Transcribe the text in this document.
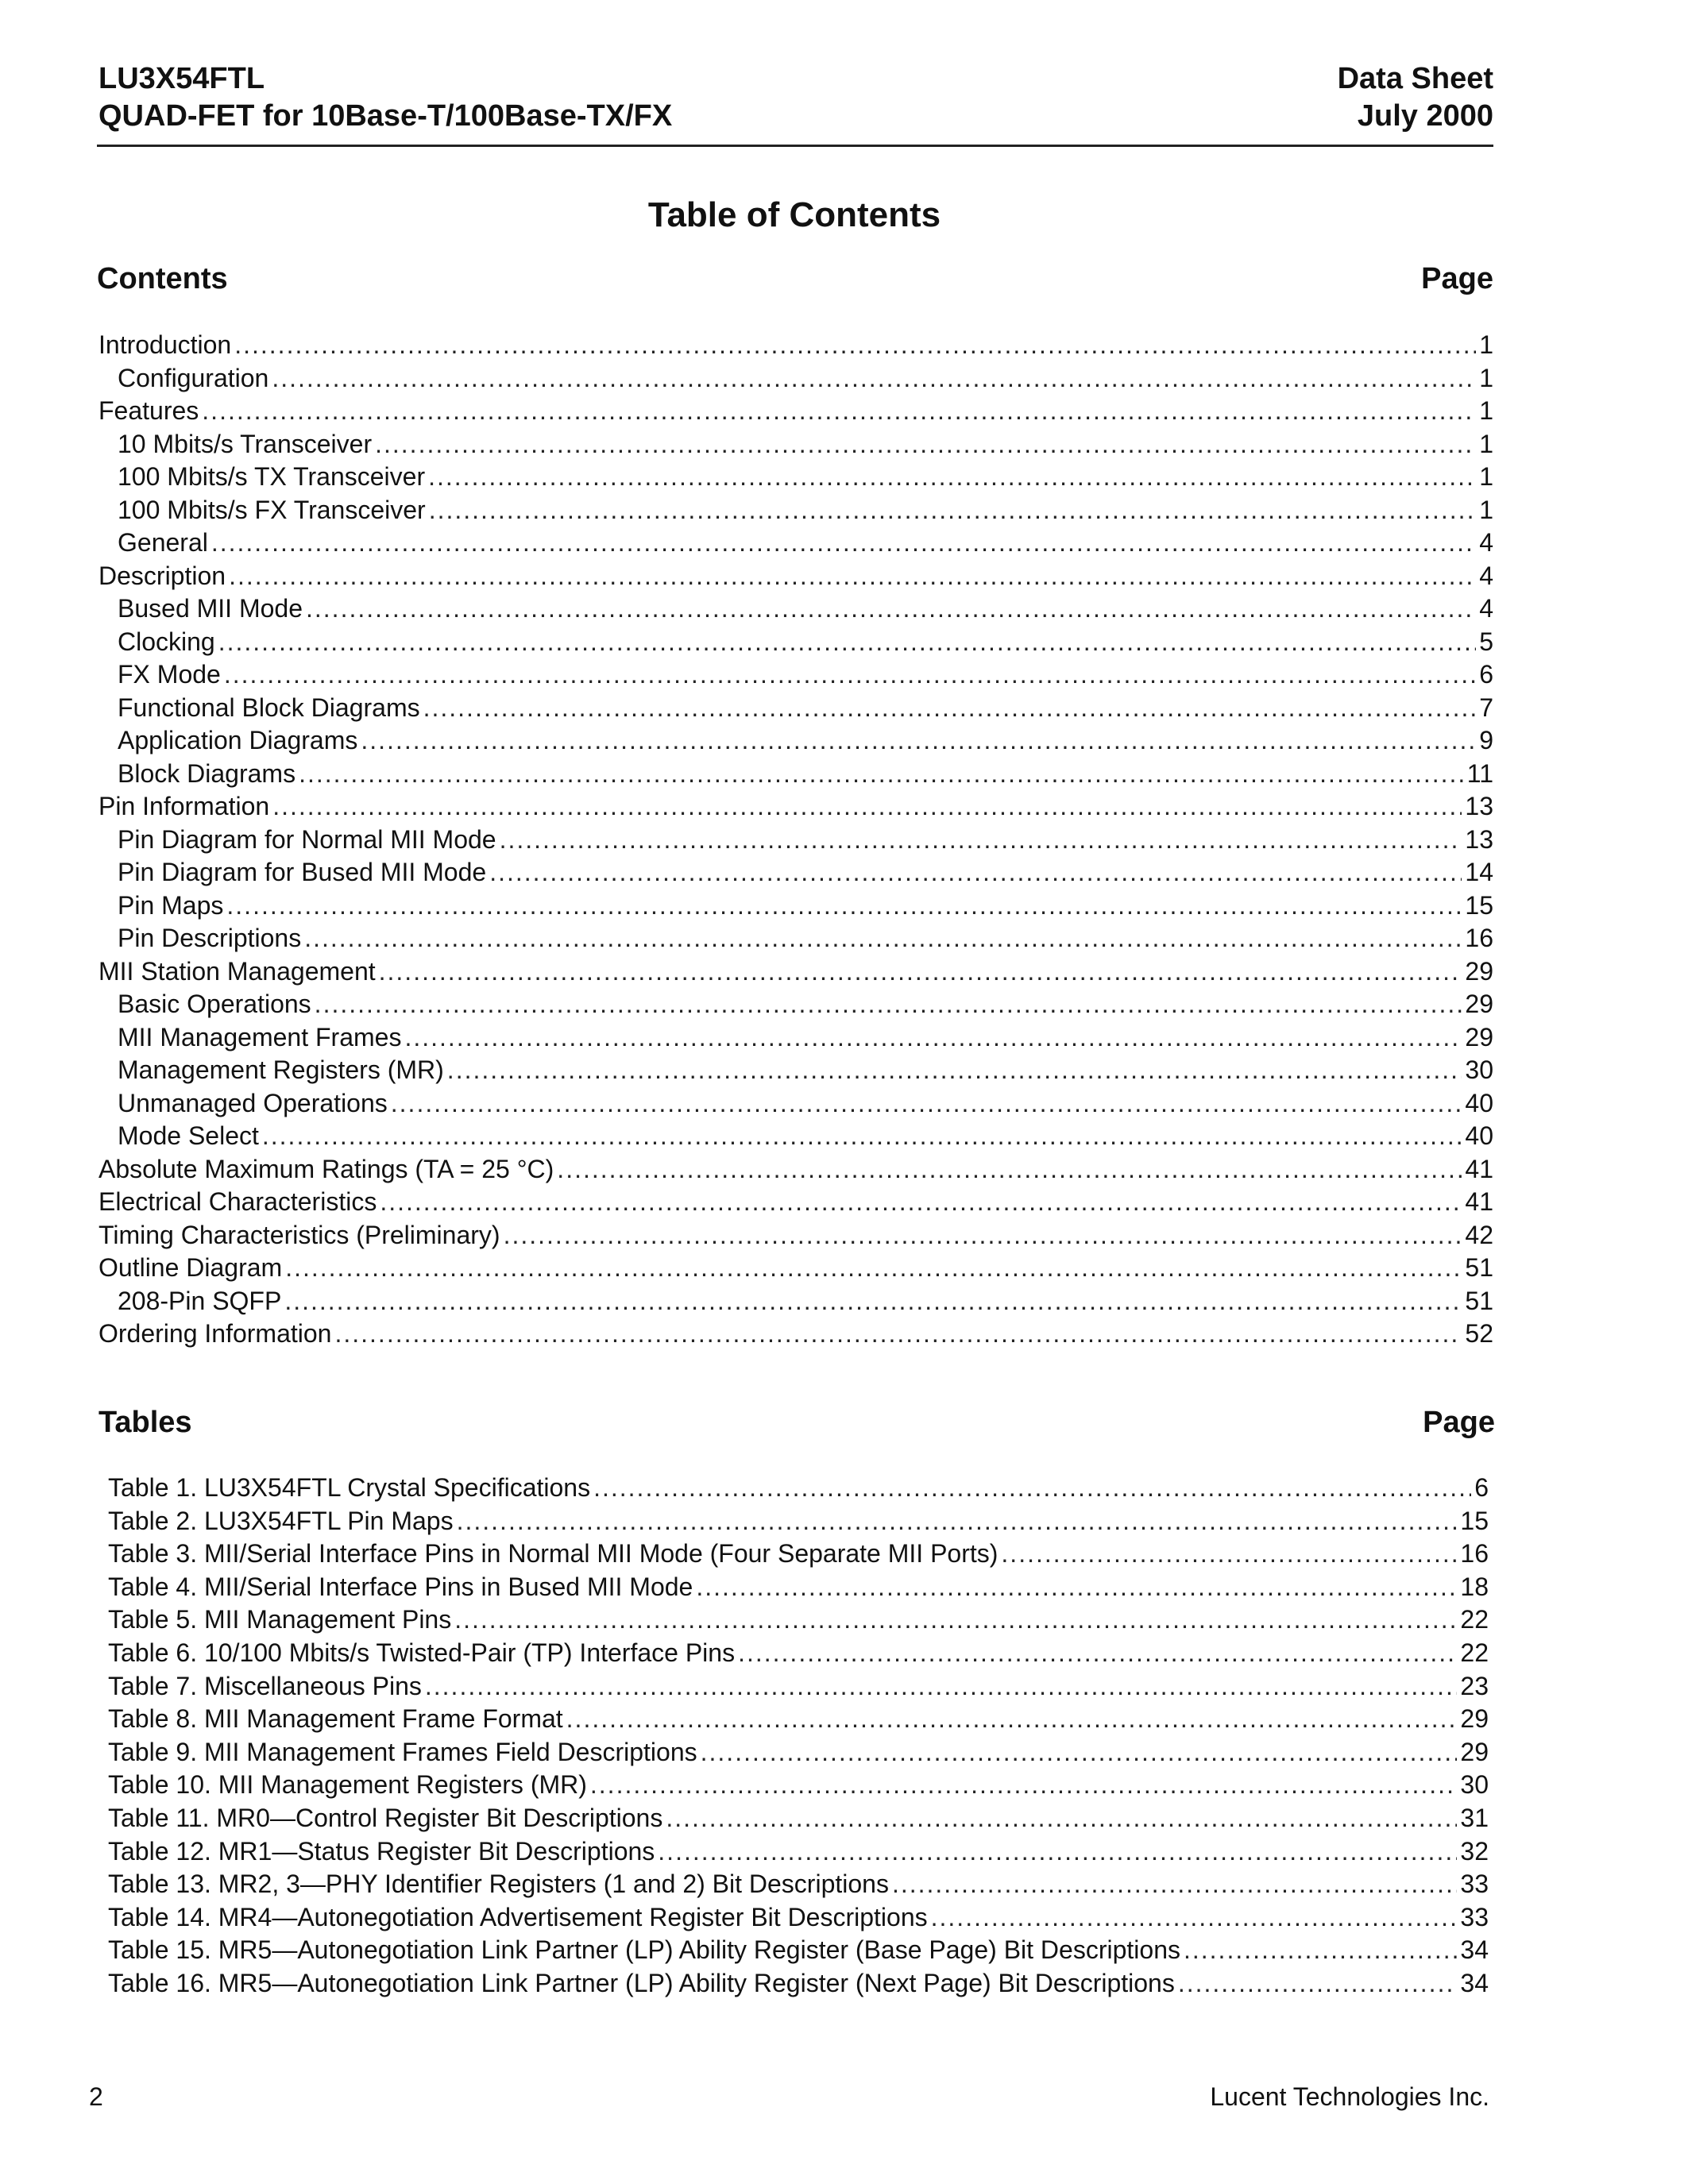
LU3X54FTL
QUAD-FET for 10Base-T/100Base-TX/FX
Data Sheet
July 2000
Table of Contents
Contents	Page
Introduction .....	1
Configuration .....	1
Features .....	1
10 Mbits/s Transceiver .....	1
100 Mbits/s TX Transceiver .....	1
100 Mbits/s FX Transceiver .....	1
General .....	4
Description .....	4
Bused MII Mode .....	4
Clocking .....	5
FX Mode .....	6
Functional Block Diagrams .....	7
Application Diagrams .....	9
Block Diagrams .....	11
Pin Information .....	13
Pin Diagram for Normal MII Mode .....	13
Pin Diagram for Bused MII Mode .....	14
Pin Maps .....	15
Pin Descriptions .....	16
MII Station Management .....	29
Basic Operations .....	29
MII Management Frames .....	29
Management Registers (MR) .....	30
Unmanaged Operations .....	40
Mode Select .....	40
Absolute Maximum Ratings (TA = 25 °C) .....	41
Electrical Characteristics .....	41
Timing Characteristics (Preliminary) .....	42
Outline Diagram .....	51
208-Pin SQFP .....	51
Ordering Information .....	52
Tables	Page
Table 1. LU3X54FTL Crystal Specifications .....	6
Table 2. LU3X54FTL Pin Maps .....	15
Table 3. MII/Serial Interface Pins in Normal MII Mode (Four Separate MII Ports) .....	16
Table 4. MII/Serial Interface Pins in Bused MII Mode .....	18
Table 5. MII Management Pins .....	22
Table 6. 10/100 Mbits/s Twisted-Pair (TP) Interface Pins .....	22
Table 7. Miscellaneous Pins .....	23
Table 8. MII Management Frame Format .....	29
Table 9. MII Management Frames Field Descriptions .....	29
Table 10. MII Management Registers (MR) .....	30
Table 11. MR0—Control Register Bit Descriptions .....	31
Table 12. MR1—Status Register Bit Descriptions .....	32
Table 13. MR2, 3—PHY Identifier Registers (1 and 2) Bit Descriptions .....	33
Table 14. MR4—Autonegotiation Advertisement Register Bit Descriptions .....	33
Table 15. MR5—Autonegotiation Link Partner (LP) Ability Register (Base Page) Bit Descriptions .....	34
Table 16. MR5—Autonegotiation Link Partner (LP) Ability Register (Next Page) Bit Descriptions .....	34
2	Lucent Technologies Inc.
